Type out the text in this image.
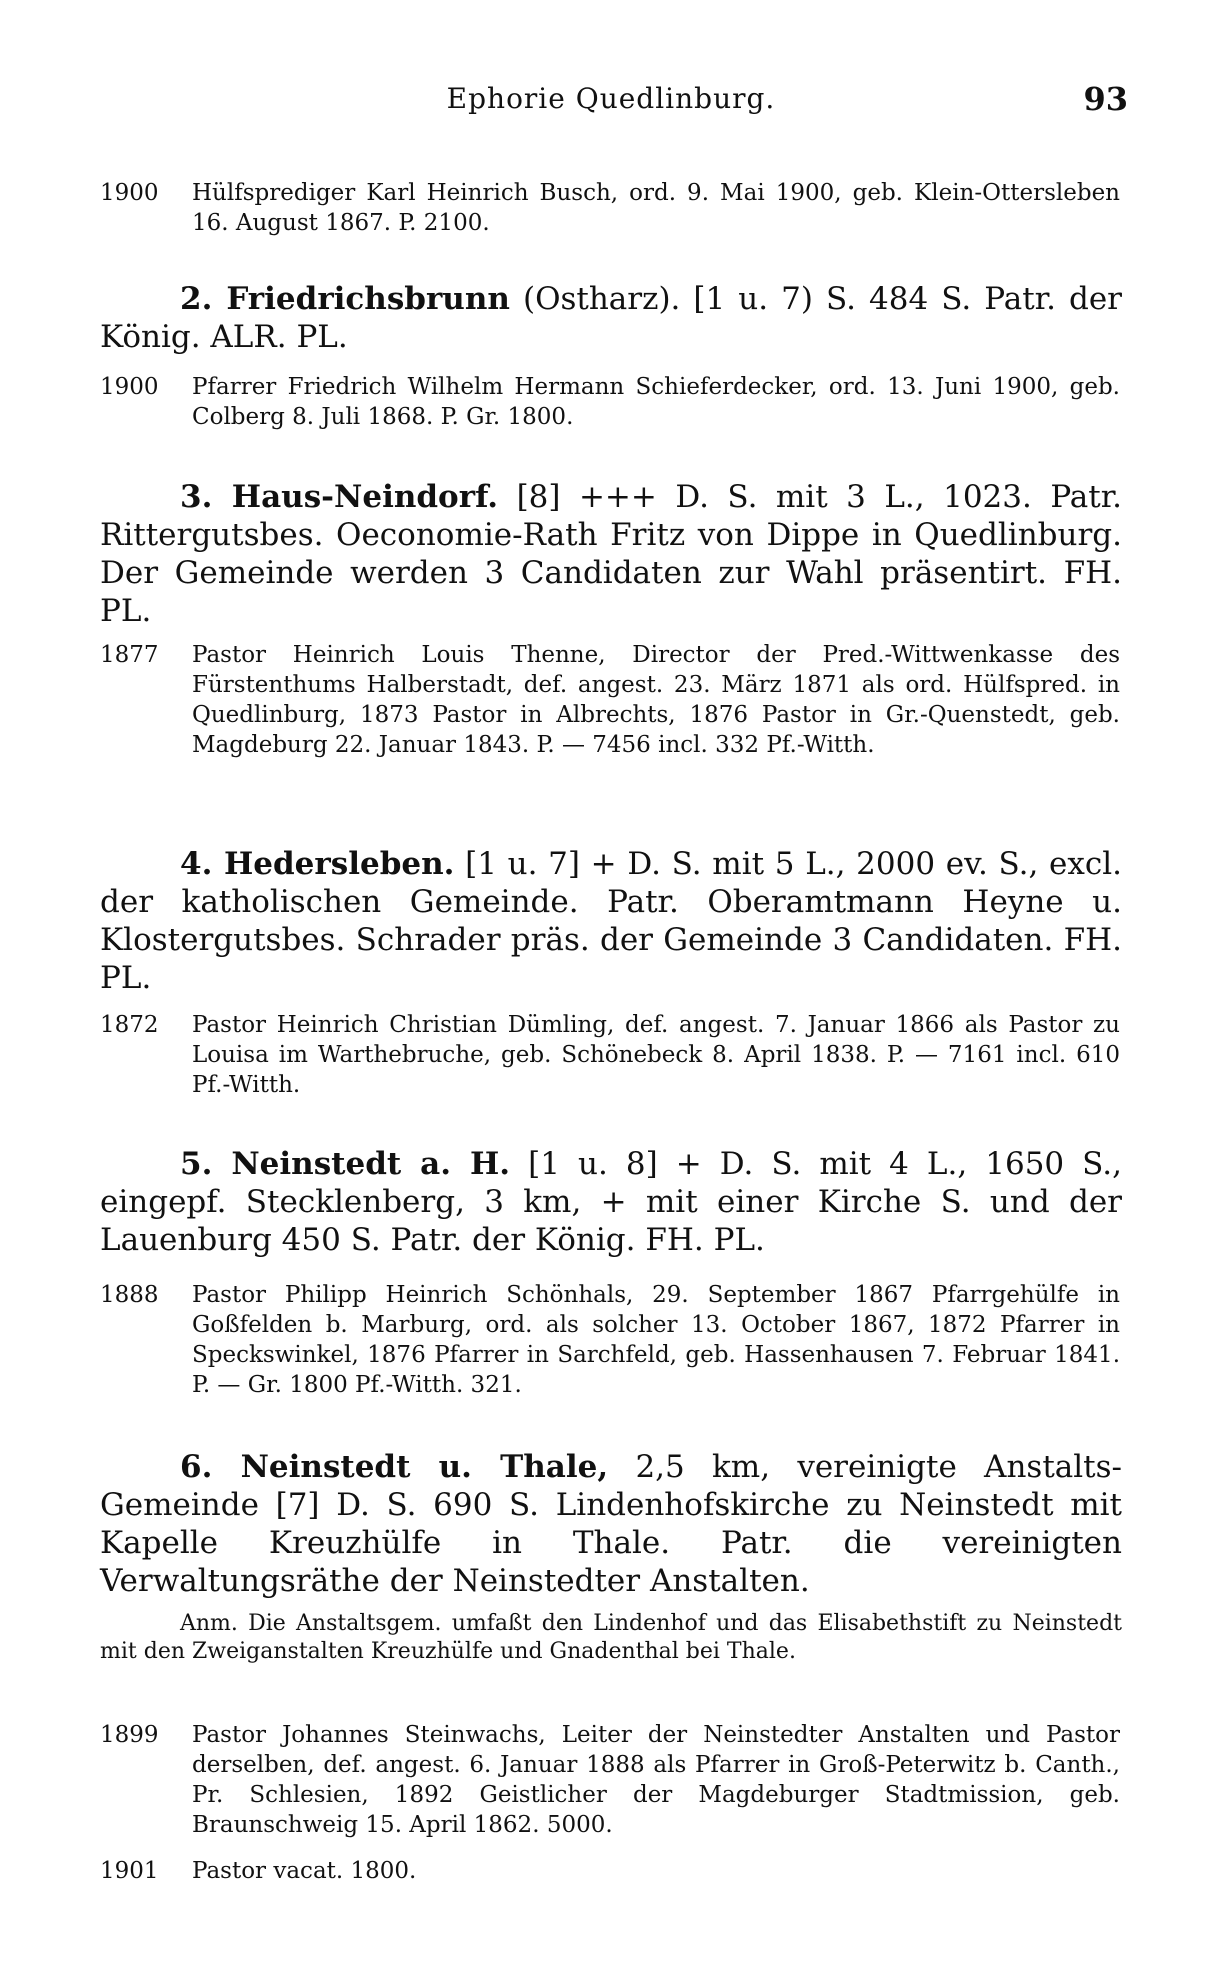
Ephorie Quedlinburg.	93
1900	Hülfsprediger Karl Heinrich Busch, ord. 9. Mai 1900, geb. Klein-Ottersleben 16. August 1867. P. 2100.
2. Friedrichsbrunn (Ostharz). [1 u. 7) S. 484 S. Patr. der König. ALR. PL.
1900	Pfarrer Friedrich Wilhelm Hermann Schieferdecker, ord. 13. Juni 1900, geb. Colberg 8. Juli 1868. P. Gr. 1800.
3. Haus-Neindorf. [8] +++ D. S. mit 3 L., 1023. Patr. Rittergutsbes. Oeconomie-Rath Fritz von Dippe in Quedlinburg. Der Gemeinde werden 3 Candidaten zur Wahl präsentirt. FH. PL.
1877	Pastor Heinrich Louis Thenne, Director der Pred.-Wittwenkasse des Fürstenthums Halberstadt, def. angest. 23. März 1871 als ord. Hülfspred. in Quedlinburg, 1873 Pastor in Albrechts, 1876 Pastor in Gr.-Quenstedt, geb. Magdeburg 22. Januar 1843. P. — 7456 incl. 332 Pf.-Witth.
4. Hedersleben. [1 u. 7] + D. S. mit 5 L., 2000 ev. S., excl. der katholischen Gemeinde. Patr. Oberamtmann Heyne u. Klostergutsbes. Schrader präs. der Gemeinde 3 Candidaten. FH. PL.
1872	Pastor Heinrich Christian Dümling, def. angest. 7. Januar 1866 als Pastor zu Louisa im Warthebruche, geb. Schönebeck 8. April 1838. P. — 7161 incl. 610 Pf.-Witth.
5. Neinstedt a. H. [1 u. 8] + D. S. mit 4 L., 1650 S., eingepf. Stecklenberg, 3 km, + mit einer Kirche S. und der Lauenburg 450 S. Patr. der König. FH. PL.
1888	Pastor Philipp Heinrich Schönhals, 29. September 1867 Pfarrgehülfe in Goßfelden b. Marburg, ord. als solcher 13. October 1867, 1872 Pfarrer in Speckswinkel, 1876 Pfarrer in Sarchfeld, geb. Hassenhausen 7. Februar 1841. P. — Gr. 1800 Pf.-Witth. 321.
6. Neinstedt u. Thale, 2,5 km, vereinigte Anstalts-Gemeinde [7] D. S. 690 S. Lindenhofskirche zu Neinstedt mit Kapelle Kreuzhülfe in Thale. Patr. die vereinigten Verwaltungsräthe der Neinstedter Anstalten.
Anm. Die Anstaltsgem. umfaßt den Lindenhof und das Elisabethstift zu Neinstedt mit den Zweiganstalten Kreuzhülfe und Gnadenthal bei Thale.
1899	Pastor Johannes Steinwachs, Leiter der Neinstedter Anstalten und Pastor derselben, def. angest. 6. Januar 1888 als Pfarrer in Groß-Peterwitz b. Canth., Pr. Schlesien, 1892 Geistlicher der Magdeburger Stadtmission, geb. Braunschweig 15. April 1862. 5000.
1901	Pastor vacat. 1800.
